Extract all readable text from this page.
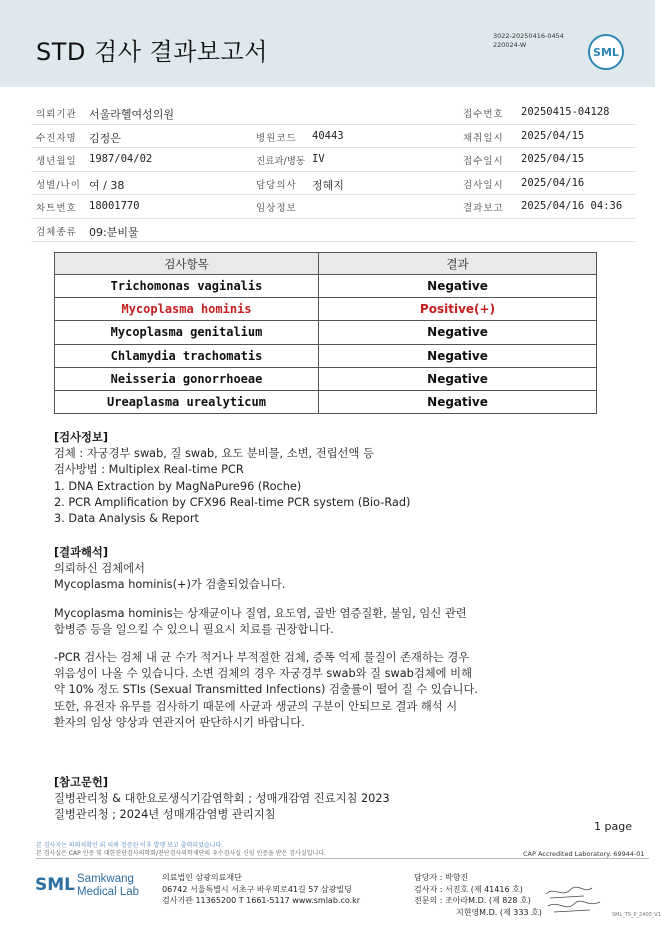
STD 검사 결과보고서
3022-20250416-0454
220024-W
SML
의뢰기관 서울라헬여성의원	접수번호 20250415-04128
수진자명 김정은	병원코드 40443	채취일시 2025/04/15
생년월일 1987/04/02	진료과/병동 IV	접수일시 2025/04/15
성별/나이 여 / 38	담당의사 정혜지	검사일시 2025/04/16
차트번호 18001770	임상정보	결과보고 2025/04/16 04:36
검체종류 09:분비물
검사항목	결과
Trichomonas vaginalis	Negative
Mycoplasma hominis	Positive(+)
Mycoplasma genitalium	Negative
Chlamydia trachomatis	Negative
Neisseria gonorrhoeae	Negative
Ureaplasma urealyticum	Negative
[검사정보]
검체 : 자궁경부 swab, 질 swab, 요도 분비물, 소변, 전립선액 등
검사방법 : Multiplex Real-time PCR
1. DNA Extraction by MagNaPure96 (Roche)
2. PCR Amplification by CFX96 Real-time PCR system (Bio-Rad)
3. Data Analysis & Report
[결과해석]
의뢰하신 검체에서
Mycoplasma hominis(+)가 검출되었습니다.
Mycoplasma hominis는 상재균이나 질염, 요도염, 골반 염증질환, 불임, 임신 관련
합병증 등을 일으킬 수 있으니 필요시 치료를 권장합니다.
-PCR 검사는 검체 내 균 수가 적거나 부적절한 검체, 증폭 억제 물질이 존재하는 경우
위음성이 나올 수 있습니다. 소변 검체의 경우 자궁경부 swab와 질 swab검체에 비해
약 10% 정도 STIs (Sexual Transmitted Infections) 검출률이 떨어 질 수 있습니다.
또한, 유전자 유무를 검사하기 때문에 사균과 생균의 구분이 안되므로 결과 해석 시
환자의 임상 양상과 연관지어 판단하시기 바랍니다.
[참고문헌]
질병관리청 & 대한요로생식기감염학회 ; 성매개감염 진료지침 2023
질병관리청 ; 2024년 성매개감염병 관리지침
1 page
본 검사지는 의뢰처확인 외 의뢰 검증된 이후 발행 보고 출력되었습니다.
본 검사실은 CAP 인증 및 대한진단검사의학회/진단검사의학재단의 우수검사실 신임 인증을 받은 검사실입니다.	CAP Accredited Laboratory. 69944-01
SML Samkwang
Medical Lab
의료법인 삼광의료재단
06742 서울특별시 서초구 바우뫼로41길 57 삼광빌딩
검사기관 11365200 T 1661-5117 www.smlab.co.kr
담당자 : 박향진
검사자 : 서진호 (제 41416 호)
전문의 : 조아라M.D. (제 828 호)
지현영M.D. (제 333 호)	SML_TS_P_2400_V1
